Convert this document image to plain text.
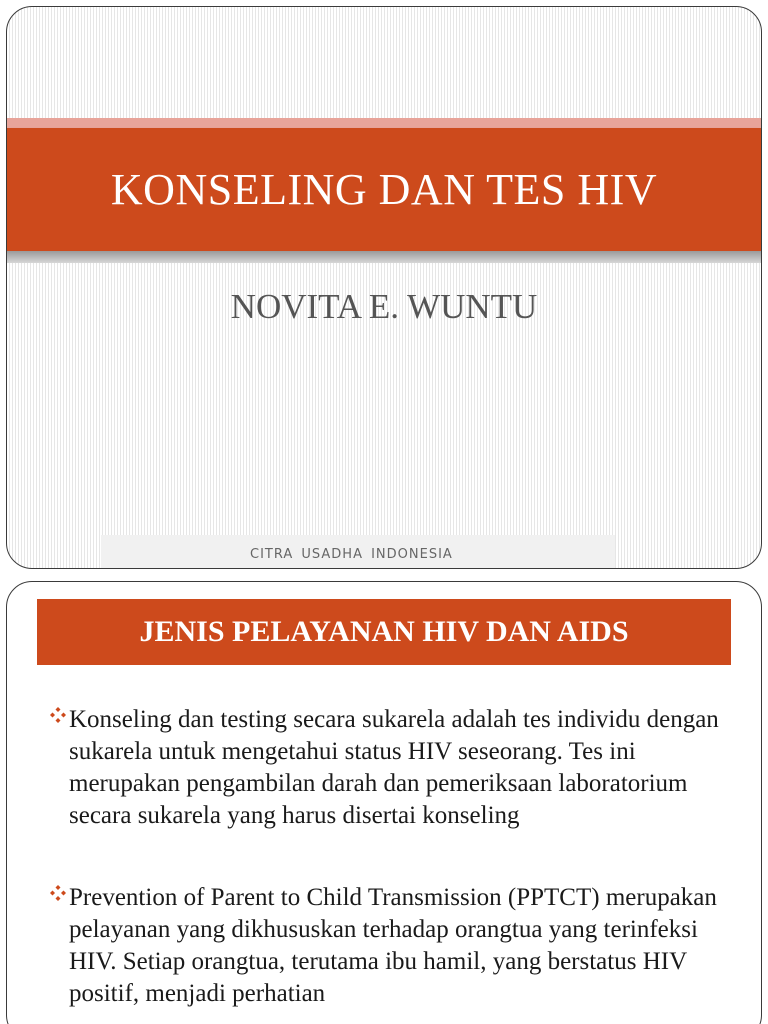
KONSELING DAN TES HIV
NOVITA E. WUNTU
CITRA USADHA INDONESIA
JENIS PELAYANAN HIV DAN AIDS
Konseling dan testing secara sukarela adalah tes individu dengan sukarela untuk mengetahui status HIV seseorang. Tes ini merupakan pengambilan darah dan pemeriksaan laboratorium secara sukarela yang harus disertai konseling
Prevention of Parent to Child Transmission (PPTCT) merupakan pelayanan yang dikhususkan terhadap orangtua yang terinfeksi HIV. Setiap orangtua, terutama ibu hamil, yang berstatus HIV positif, menjadi perhatian
